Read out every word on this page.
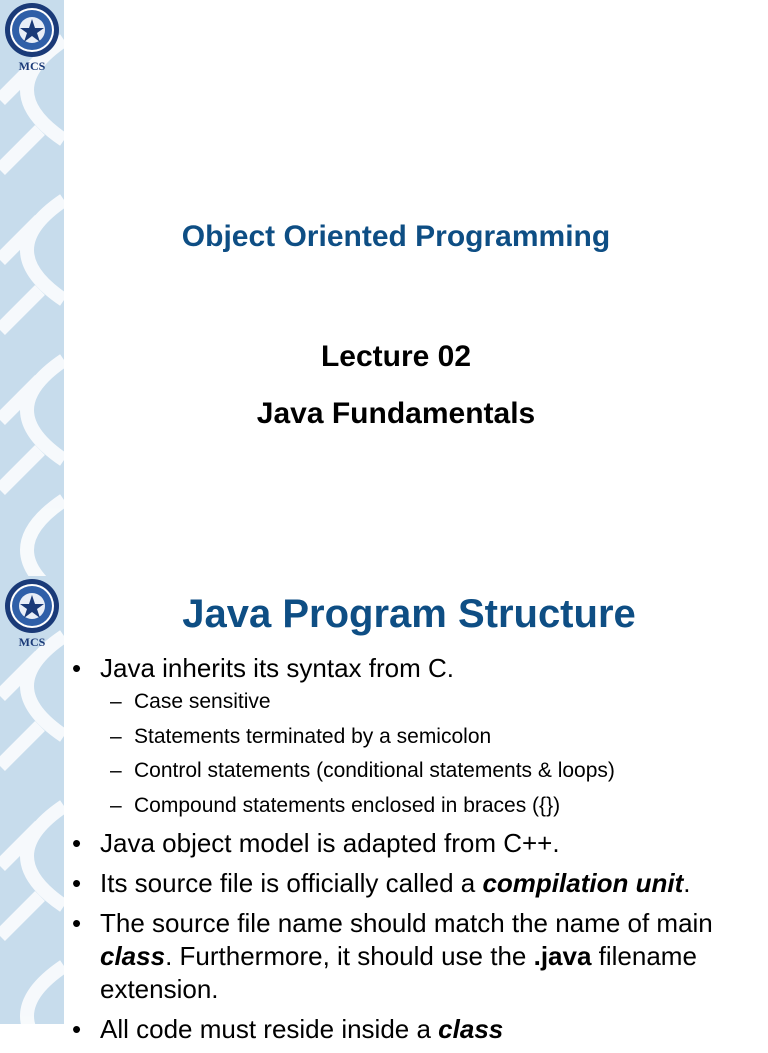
MCS
Object Oriented Programming
Lecture 02
Java Fundamentals
MCS
Java Program Structure
• Java inherits its syntax from C.
– Case sensitive
– Statements terminated by a semicolon
– Control statements (conditional statements & loops)
– Compound statements enclosed in braces ({})
• Java object model is adapted from C++.
• Its source file is officially called a compilation unit.
• The source file name should match the name of main class. Furthermore, it should use the .java filename extension.
• All code must reside inside a class
